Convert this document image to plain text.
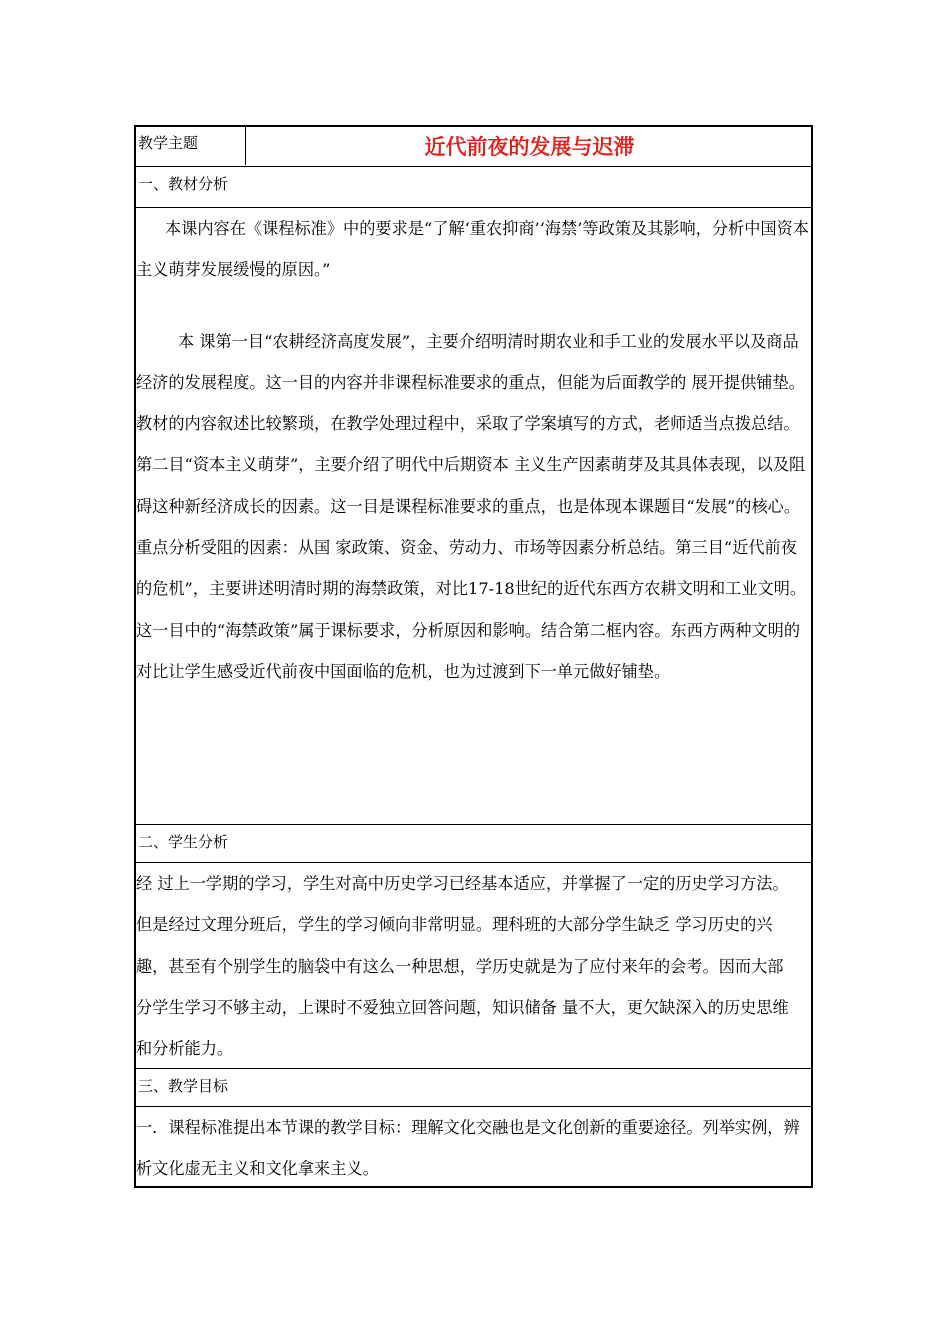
教学主题	近代前夜的发展与迟滞
一、教材分析

本课内容在《课程标准》中的要求是“了解‘重农抑商’‘海禁’等政策及其影响，分析中国资本主义萌芽发展缓慢的原因。”

本 课第一目“农耕经济高度发展”，主要介绍明清时期农业和手工业的发展水平以及商品经济的发展程度。这一目的内容并非课程标准要求的重点，但能为后面教学的 展开提供铺垫。教材的内容叙述比较繁琐，在教学处理过程中，采取了学案填写的方式，老师适当点拨总结。第二目“资本主义萌芽”，主要介绍了明代中后期资本 主义生产因素萌芽及其具体表现，以及阻碍这种新经济成长的因素。这一目是课程标准要求的重点，也是体现本课题目“发展”的核心。重点分析受阻的因素：从国 家政策、资金、劳动力、市场等因素分析总结。第三目“近代前夜的危机”，主要讲述明清时期的海禁政策，对比17-18世纪的近代东西方农耕文明和工业文明。这一目中的“海禁政策”属于课标要求，分析原因和影响。结合第二框内容。东西方两种文明的对比让学生感受近代前夜中国面临的危机，也为过渡到下一单元做好铺垫。

二、学生分析

经 过上一学期的学习，学生对高中历史学习已经基本适应，并掌握了一定的历史学习方法。但是经过文理分班后，学生的学习倾向非常明显。理科班的大部分学生缺乏 学习历史的兴趣，甚至有个别学生的脑袋中有这么一种思想，学历史就是为了应付来年的会考。因而大部分学生学习不够主动，上课时不爱独立回答问题，知识储备 量不大，更欠缺深入的历史思维和分析能力。

三、教学目标

一．课程标准提出本节课的教学目标：理解文化交融也是文化创新的重要途径。列举实例，辨析文化虚无主义和文化拿来主义。
